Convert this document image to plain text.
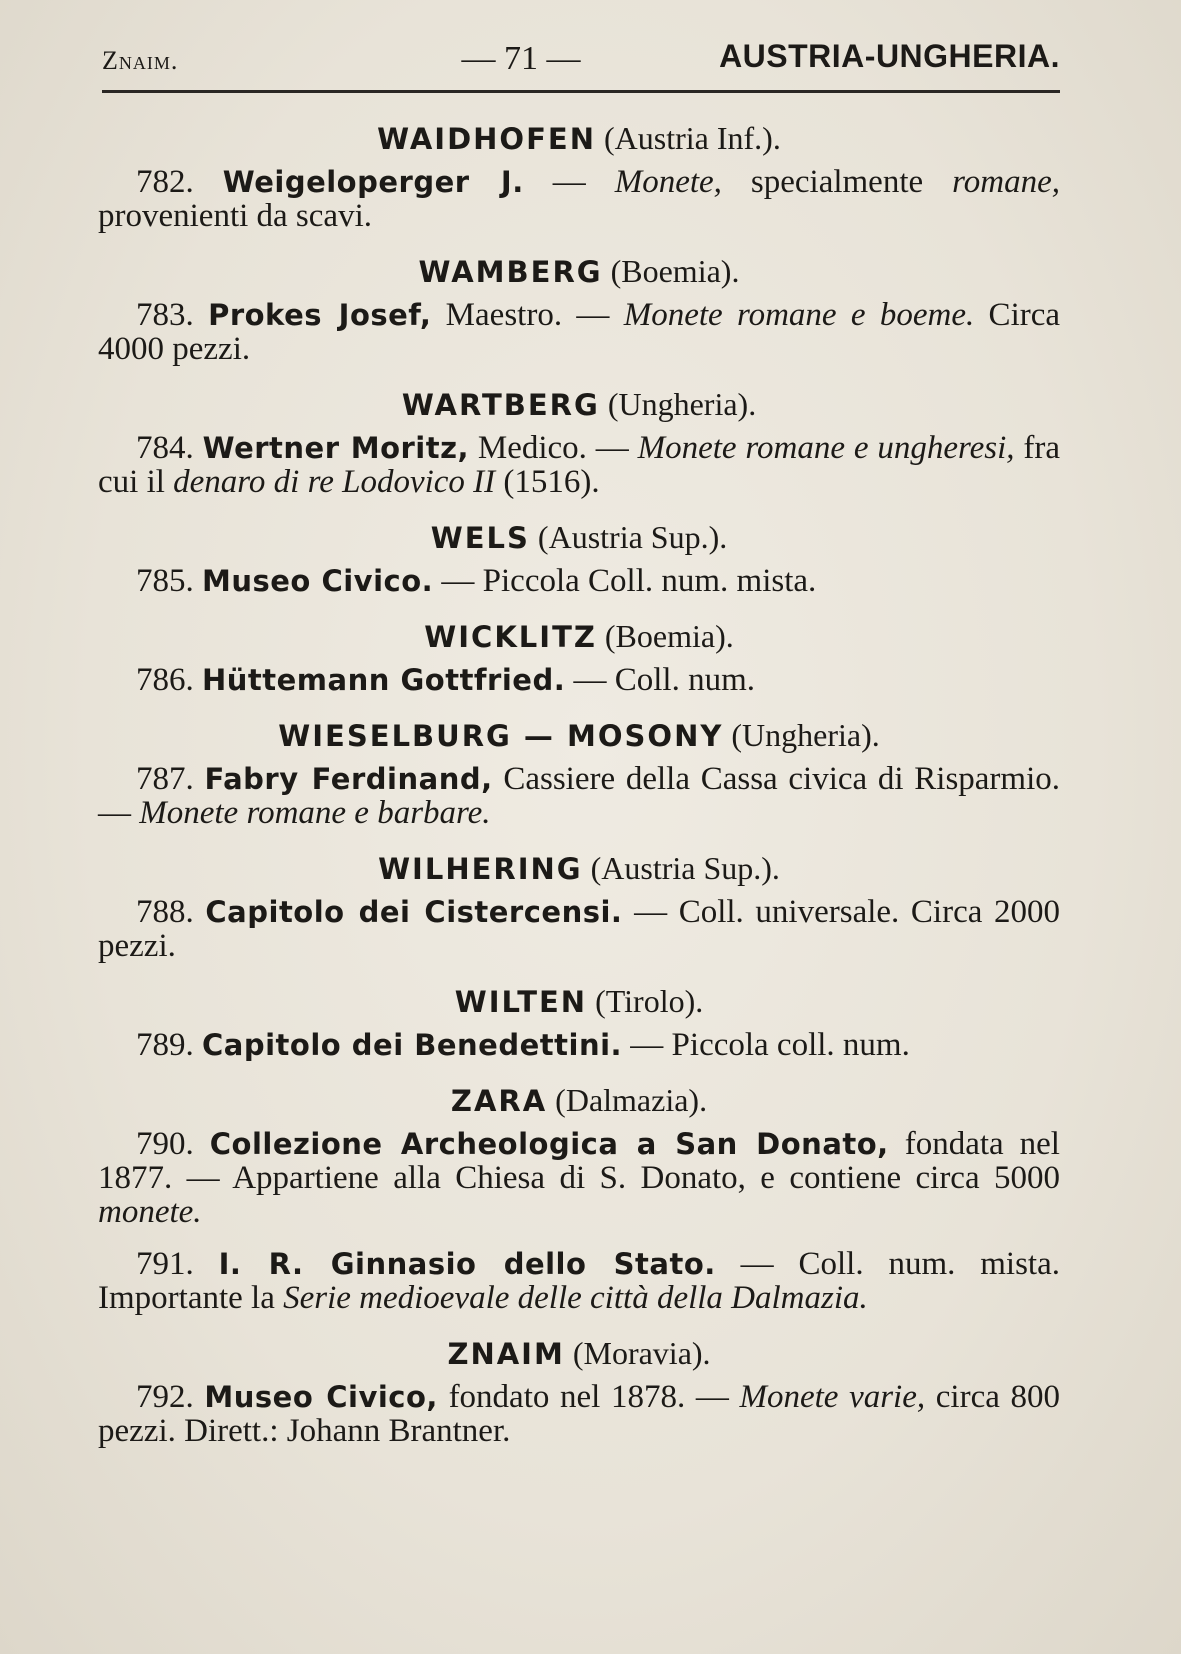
Znaim.	— 71 —	AUSTRIA-UNGHERIA.
WAIDHOFEN (Austria Inf.).

782. Weigeloperger J. — Monete, specialmente romane, provenienti da scavi.

WAMBERG (Boemia).

783. Prokes Josef, Maestro. — Monete romane e boeme. Circa 4000 pezzi.

WARTBERG (Ungheria).

784. Wertner Moritz, Medico. — Monete romane e ungheresi, fra cui il denaro di re Lodovico II (1516).

WELS (Austria Sup.).

785. Museo Civico. — Piccola Coll. num. mista.

WICKLITZ (Boemia).

786. Hüttemann Gottfried. — Coll. num.

WIESELBURG — MOSONY (Ungheria).

787. Fabry Ferdinand, Cassiere della Cassa civica di Risparmio. — Monete romane e barbare.

WILHERING (Austria Sup.).

788. Capitolo dei Cistercensi. — Coll. universale. Circa 2000 pezzi.

WILTEN (Tirolo).

789. Capitolo dei Benedettini. — Piccola coll. num.

ZARA (Dalmazia).

790. Collezione Archeologica a San Donato, fondata nel 1877. — Appartiene alla Chiesa di S. Donato, e contiene circa 5000 monete.

791. I. R. Ginnasio dello Stato. — Coll. num. mista. Importante la Serie medioevale delle città della Dalmazia.

ZNAIM (Moravia).

792. Museo Civico, fondato nel 1878. — Monete varie, circa 800 pezzi. Dirett.: Johann Brantner.
